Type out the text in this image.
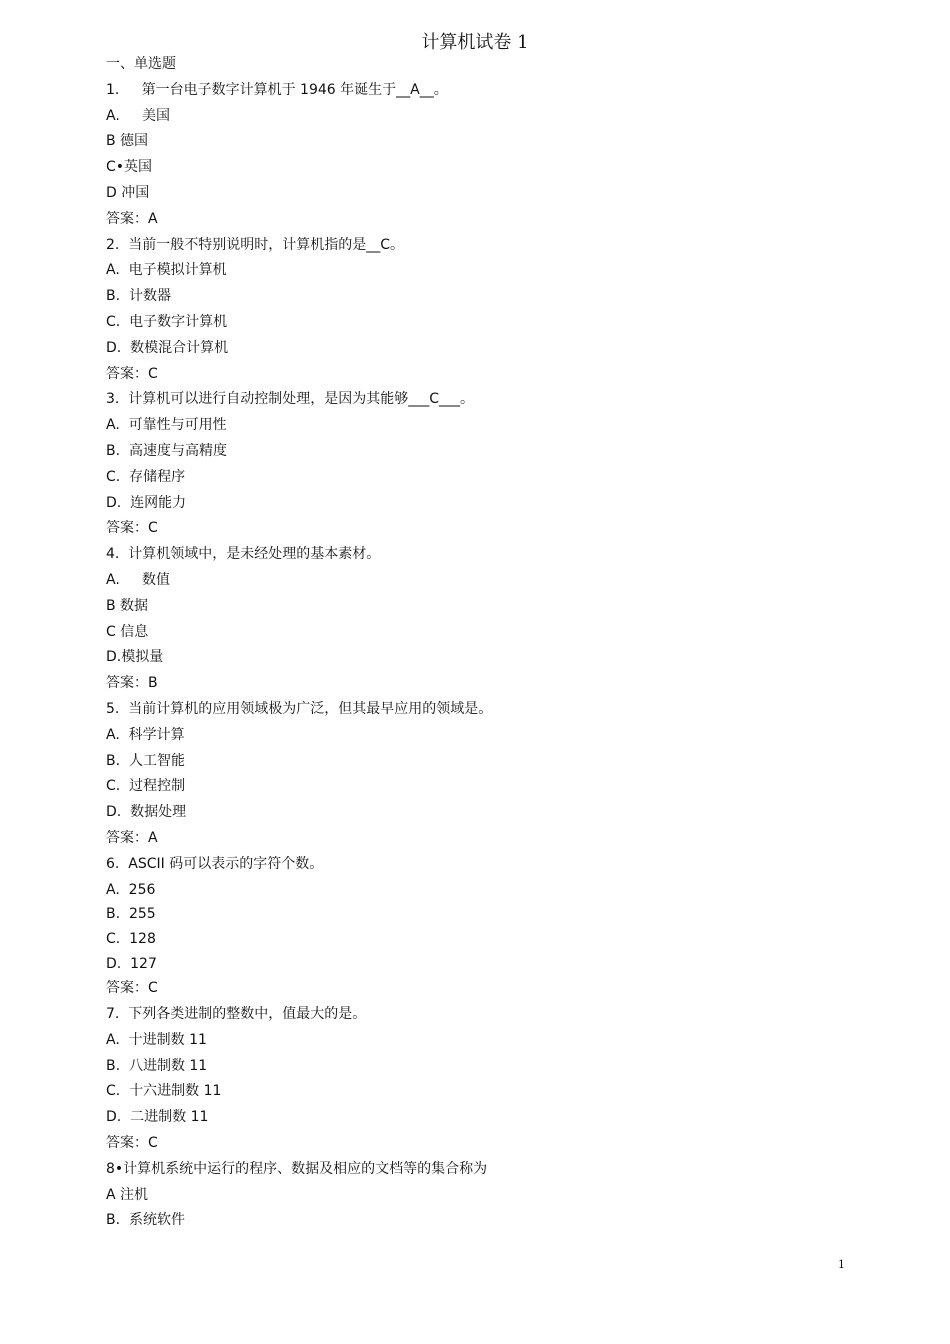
计算机试卷 1
一、单选题
1.     第一台电子数字计算机于 1946 年诞生于__A__。
A.     美国
B 德国
C•英国
D 冲国
答案：A
2.  当前一般不特别说明时，计算机指的是__C。
A.  电子模拟计算机
B.  计数器
C.  电子数字计算机
D.  数模混合计算机
答案：C
3.  计算机可以进行自动控制处理，是因为其能够___C___。
A.  可靠性与可用性
B.  高速度与高精度
C.  存储程序
D.  连网能力
答案：C
4.  计算机领域中，是未经处理的基本素材。
A.     数值
B 数据
C 信息
D.模拟量
答案：B
5.  当前计算机的应用领域极为广泛，但其最早应用的领域是。
A.  科学计算
B.  人工智能
C.  过程控制
D.  数据处理
答案：A
6.  ASCII 码可以表示的字符个数。
A.  256
B.  255
C.  128
D.  127
答案：C
7.  下列各类进制的整数中，值最大的是。
A.  十进制数 11
B.  八进制数 11
C.  十六进制数 11
D.  二进制数 11
答案：C
8•计算机系统中运行的程序、数据及相应的文档等的集合称为
A 注机
B.  系统软件
1
